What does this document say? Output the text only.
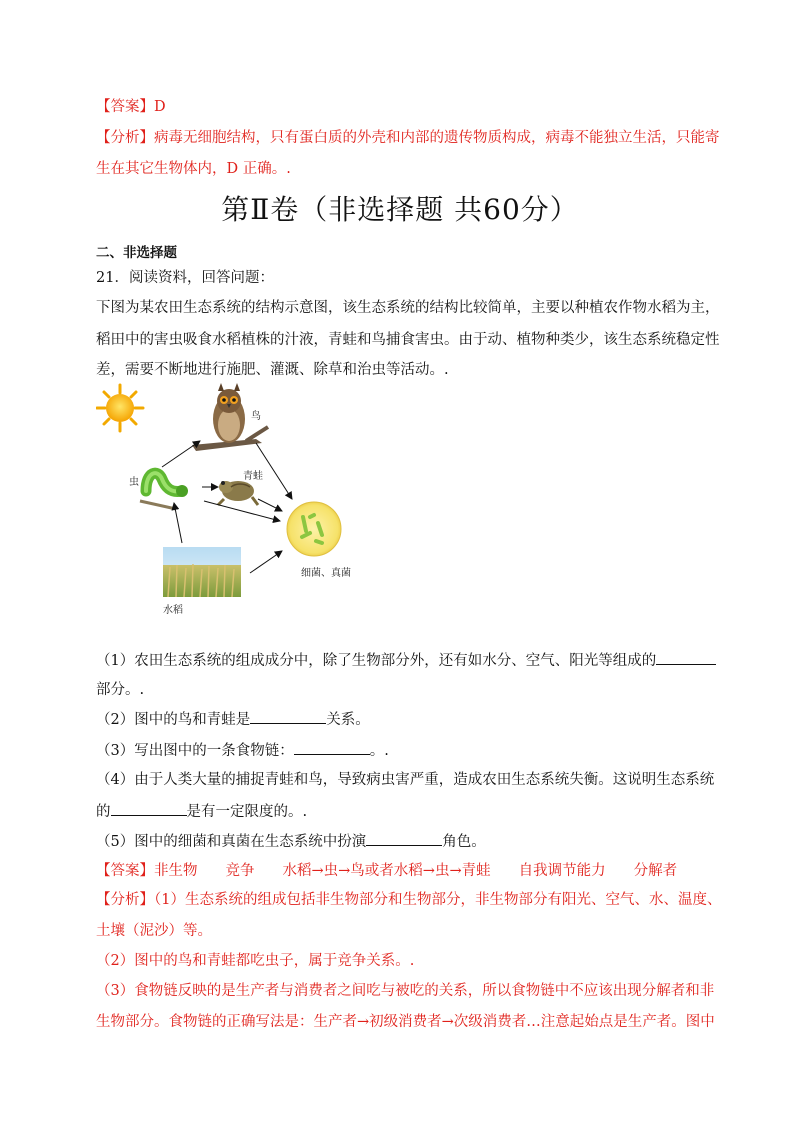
【答案】D
【分析】病毒无细胞结构，只有蛋白质的外壳和内部的遗传物质构成，病毒不能独立生活，只能寄
生在其它生物体内，D 正确。.
第Ⅱ卷（非选择题 共60分）
二、非选择题
21．阅读资料，回答问题：
下图为某农田生态系统的结构示意图，该生态系统的结构比较简单，主要以种植农作物水稻为主，
稻田中的害虫吸食水稻植株的汁液，青蛙和鸟捕食害虫。由于动、植物种类少，该生态系统稳定性
差，需要不断地进行施肥、灌溉、除草和治虫等活动。.
鸟
青蛙
虫
细菌、真菌
水稻
（1）农田生态系统的组成成分中，除了生物部分外，还有如水分、空气、阳光等组成的
部分。.
（2）图中的鸟和青蛙是	关系。
（3）写出图中的一条食物链：	。.
（4）由于人类大量的捕捉青蛙和鸟，导致病虫害严重，造成农田生态系统失衡。这说明生态系统
的	是有一定限度的。.
（5）图中的细菌和真菌在生态系统中扮演	角色。
【答案】非生物 竞争 水稻→虫→鸟或者水稻→虫→青蛙 自我调节能力 分解者
【分析】（1）生态系统的组成包括非生物部分和生物部分，非生物部分有阳光、空气、水、温度、
土壤（泥沙）等。
（2）图中的鸟和青蛙都吃虫子，属于竞争关系。.
（3）食物链反映的是生产者与消费者之间吃与被吃的关系，所以食物链中不应该出现分解者和非
生物部分。食物链的正确写法是：生产者→初级消费者→次级消费者…注意起始点是生产者。图中
